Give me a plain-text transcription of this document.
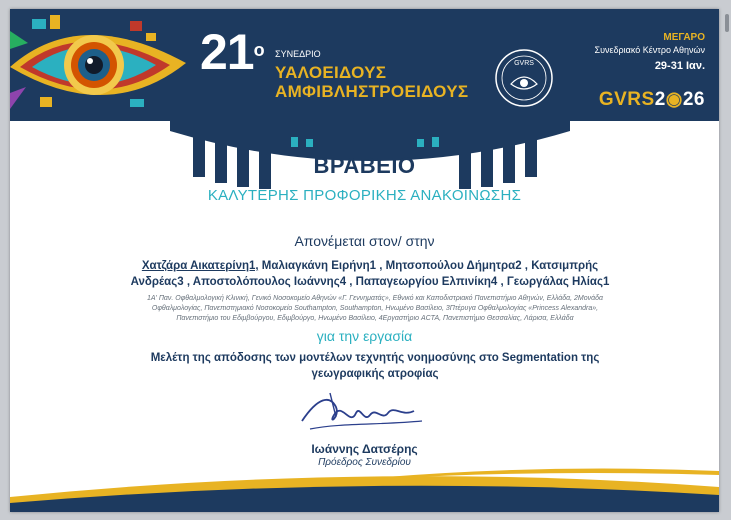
$21^o$ ΣΥΝΕΔΡΙΟ
ΥΑΛΟΕΙΔΟΥΣ
ΑΜΦΙΒΛΗΣΤΡΟΕΙΔΟΥΣ
GVRS
ΜΕΓΑΡΟ
Συνεδριακό Κέντρο Αθηνών
29-31 Ιαν.
GVRS2◉26
ΒΡΑΒΕΙΟ
ΚΑΛΥΤΕΡΗΣ ΠΡΟΦΟΡΙΚΗΣ ΑΝΑΚΟΙΝΩΣΗΣ
Απονέμεται στον/ στην
Χατζάρα Αικατερίνη1, Μαλιαγκάνη Ειρήνη1 , Μητσοπούλου Δήμητρα2 , Κατσιμπρής
Ανδρέας3 , Αποστολόπουλος Ιωάννης4 , Παπαγεωργίου Ελπινίκη4 , Γεωργάλας Ηλίας1
1Α' Παν. Οφθαλμολογική Κλινική, Γενικό Νοσοκομείο Αθηνών «Γ. Γεννηματάς», Εθνικό και Καποδιστριακό Πανεπιστήμιο Αθηνών, Ελλάδα, 2Μονάδα
Οφθαλμολογίας, Πανεπιστημιακό Νοσοκομείο Southampton, Southampton, Ηνωμένο Βασίλειο, 3Πτέρυγα Οφθαλμολογίας «Princess Alexandra»,
Πανεπιστήμιο του Εδιμβούργου, Εδιμβούργο, Ηνωμένο Βασίλειο, 4Εργαστήριο ACTA, Πανεπιστήμιο Θεσσαλίας, Λάρισα, Ελλάδα
για την εργασία
Μελέτη της απόδοσης των μοντέλων τεχνητής νοημοσύνης στο Segmentation της
γεωγραφικής ατροφίας
Ιωάννης Δατσέρης
Πρόεδρος Συνεδρίου
